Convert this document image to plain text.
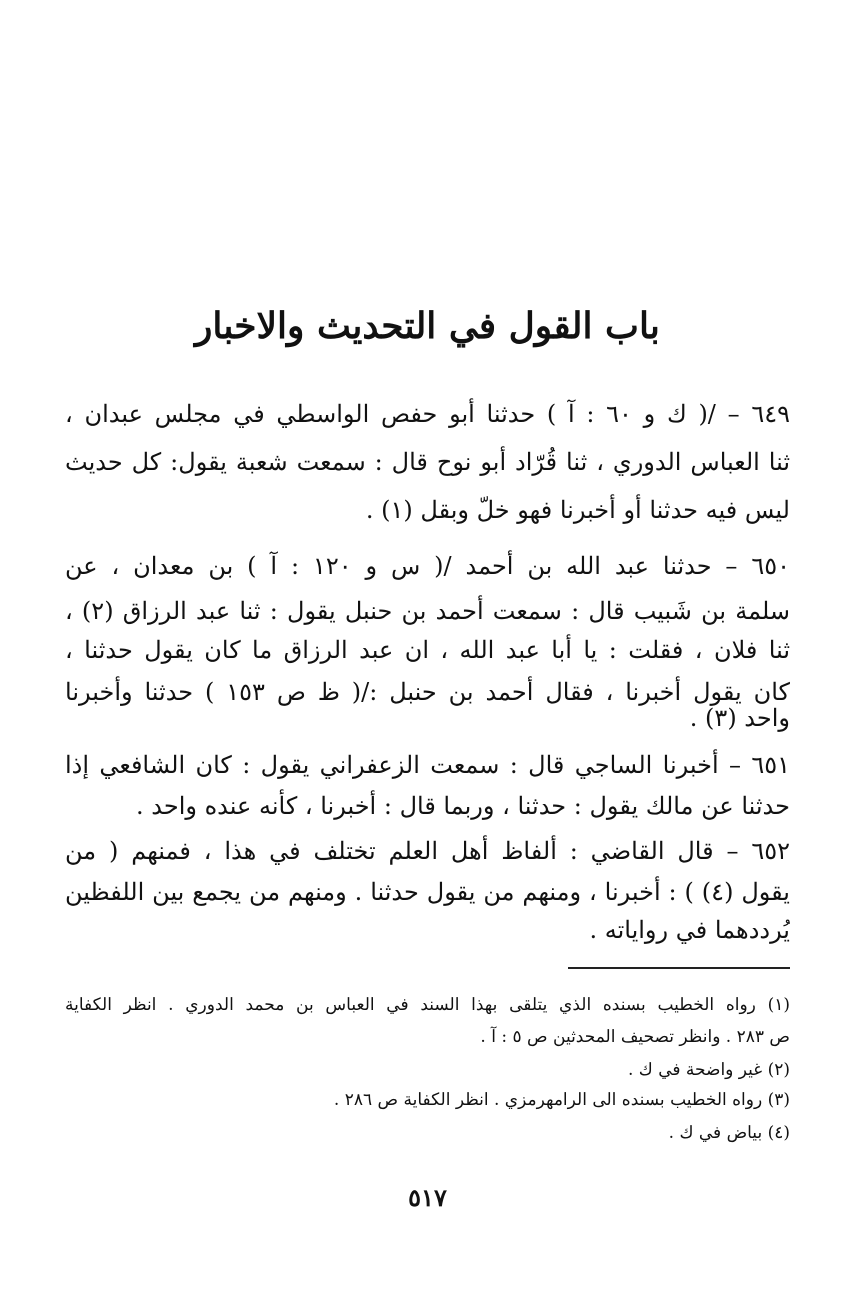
باب القول في التحديث والاخبار
٦٤٩ – /( ك و ٦٠ : آ ) حدثنا أبو حفص الواسطي في مجلس عبدان ،
ثنا العباس الدوري ، ثنا قُرّاد أبو نوح قال : سمعت شعبة يقول: كل حديث
ليس فيه حدثنا أو أخبرنا فهو خلّ وبقل (١) .
٦٥٠ – حدثنا عبد الله بن أحمد /( س و ١٢٠ : آ ) بن معدان ، عن
سلمة بن شَبيب قال : سمعت أحمد بن حنبل يقول : ثنا عبد الرزاق (٢) ،
ثنا فلان ، فقلت : يا أبا عبد الله ، ان عبد الرزاق ما كان يقول حدثنا ،
كان يقول أخبرنا ، فقال أحمد بن حنبل :/( ظ ص ١٥٣ ) حدثنا وأخبرنا
واحد (٣) .
٦٥١ – أخبرنا الساجي قال : سمعت الزعفراني يقول : كان الشافعي إذا
حدثنا عن مالك يقول : حدثنا ، وربما قال : أخبرنا ، كأنه عنده واحد .
٦٥٢ – قال القاضي : ألفاظ أهل العلم تختلف في هذا ، فمنهم ( من
يقول (٤) ) : أخبرنا ، ومنهم من يقول حدثنا . ومنهم من يجمع بين اللفظين
يُرددهما في رواياته .
(١) رواه الخطيب بسنده الذي يتلقى بهذا السند في العباس بن محمد الدوري . انظر الكفاية
ص ٢٨٣ . وانظر تصحيف المحدثين ص ٥ : آ .
(٢) غير واضحة في ك .
(٣) رواه الخطيب بسنده الى الرامهرمزي . انظر الكفاية ص ٢٨٦ .
(٤) بياض في ك .
٥١٧
